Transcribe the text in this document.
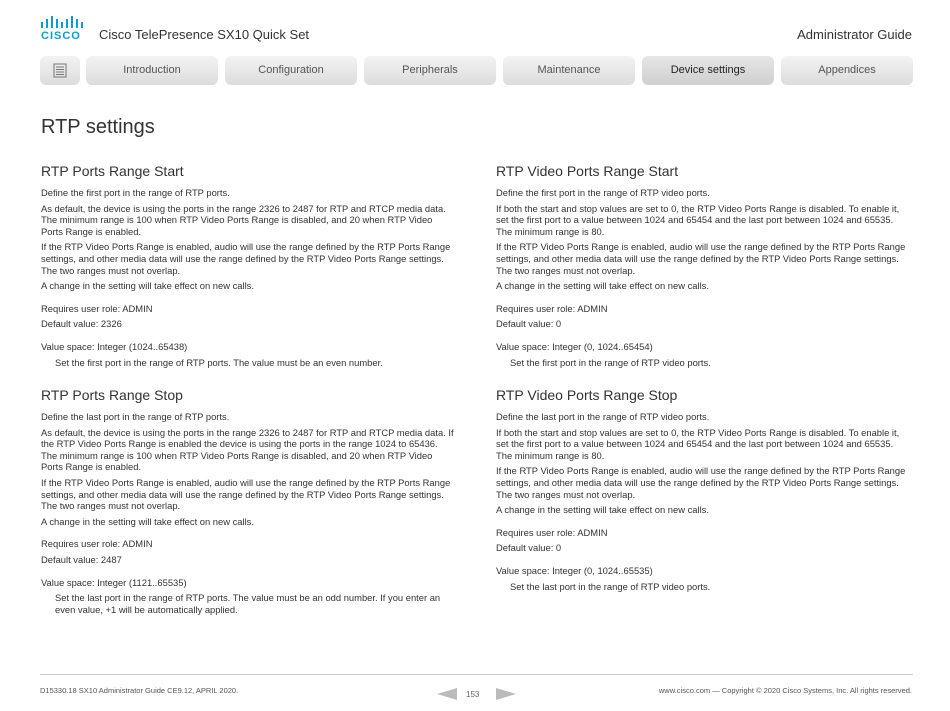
CISCO Cisco TelePresence SX10 Quick Set	Administrator Guide
Introduction	Configuration	Peripherals	Maintenance	Device settings	Appendices
RTP settings
RTP Ports Range Start

Define the first port in the range of RTP ports.

As default, the device is using the ports in the range 2326 to 2487 for RTP and RTCP media data. The minimum range is 100 when RTP Video Ports Range is disabled, and 20 when RTP Video Ports Range is enabled.

If the RTP Video Ports Range is enabled, audio will use the range defined by the RTP Ports Range settings, and other media data will use the range defined by the RTP Video Ports Range settings. The two ranges must not overlap.

A change in the setting will take effect on new calls.

Requires user role: ADMIN

Default value: 2326

Value space: Integer (1024..65438)

Set the first port in the range of RTP ports. The value must be an even number.

RTP Ports Range Stop

Define the last port in the range of RTP ports.

As default, the device is using the ports in the range 2326 to 2487 for RTP and RTCP media data. If the RTP Video Ports Range is enabled the device is using the ports in the range 1024 to 65436. The minimum range is 100 when RTP Video Ports Range is disabled, and 20 when RTP Video Ports Range is enabled.

If the RTP Video Ports Range is enabled, audio will use the range defined by the RTP Ports Range settings, and other media data will use the range defined by the RTP Video Ports Range settings. The two ranges must not overlap.

A change in the setting will take effect on new calls.

Requires user role: ADMIN

Default value: 2487

Value space: Integer (1121..65535)

Set the last port in the range of RTP ports. The value must be an odd number. If you enter an even value, +1 will be automatically applied.

RTP Video Ports Range Start

Define the first port in the range of RTP video ports.

If both the start and stop values are set to 0, the RTP Video Ports Range is disabled. To enable it, set the first port to a value between 1024 and 65454 and the last port between 1024 and 65535. The minimum range is 80.

If the RTP Video Ports Range is enabled, audio will use the range defined by the RTP Ports Range settings, and other media data will use the range defined by the RTP Video Ports Range settings. The two ranges must not overlap.

A change in the setting will take effect on new calls.

Requires user role: ADMIN

Default value: 0

Value space: Integer (0, 1024..65454)

Set the first port in the range of RTP video ports.

RTP Video Ports Range Stop

Define the last port in the range of RTP video ports.

If both the start and stop values are set to 0, the RTP Video Ports Range is disabled. To enable it, set the first port to a value between 1024 and 65454 and the last port between 1024 and 65535. The minimum range is 80.

If the RTP Video Ports Range is enabled, audio will use the range defined by the RTP Ports Range settings, and other media data will use the range defined by the RTP Video Ports Range settings. The two ranges must not overlap.

A change in the setting will take effect on new calls.

Requires user role: ADMIN

Default value: 0

Value space: Integer (0, 1024..65535)

Set the last port in the range of RTP video ports.

D15330.18 SX10 Administrator Guide CE9.12, APRIL 2020.	153	www.cisco.com — Copyright © 2020 Cisco Systems, Inc. All rights reserved.
